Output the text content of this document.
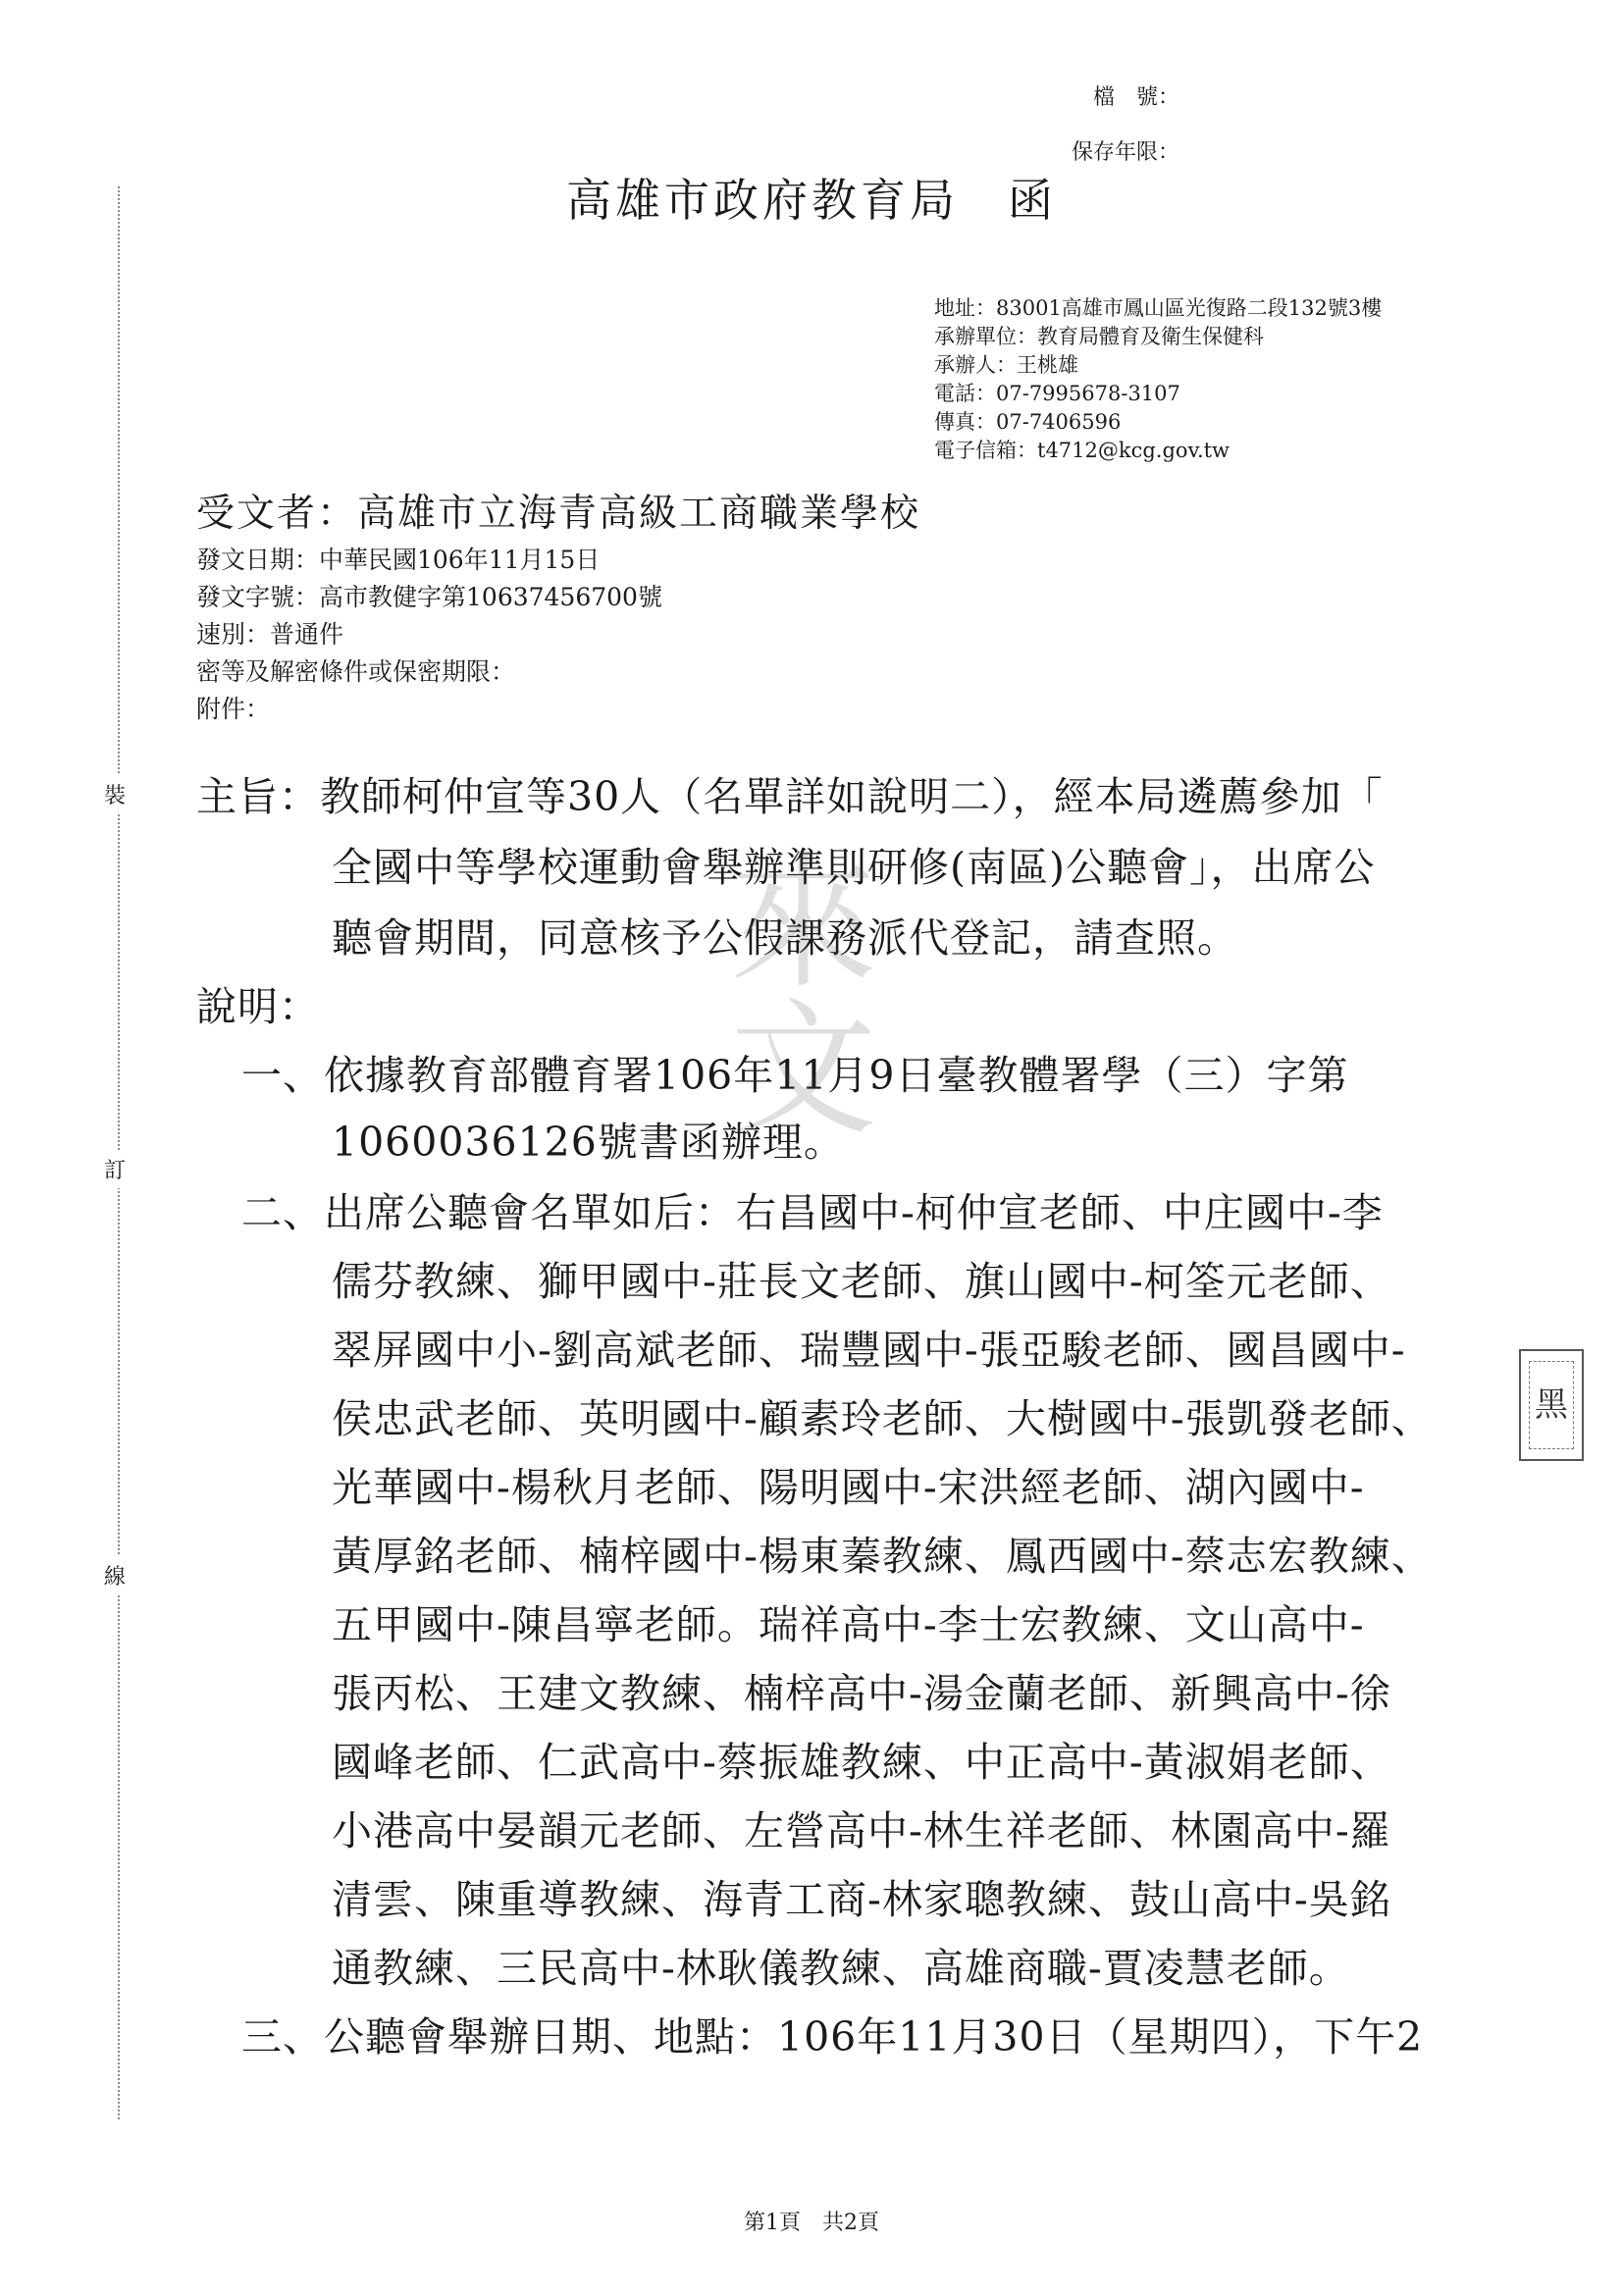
檔　號：
保存年限：
高雄市政府教育局　函
地址：83001高雄市鳳山區光復路二段132號3樓
承辦單位：教育局體育及衛生保健科
承辦人：王桃雄
電話：07-7995678-3107
傳真：07-7406596
電子信箱：t4712@kcg.gov.tw
受文者：高雄市立海青高級工商職業學校
發文日期：中華民國106年11月15日
發文字號：高市教健字第10637456700號
速別：普通件
密等及解密條件或保密期限：
附件：
主旨：教師柯仲宣等30人（名單詳如說明二），經本局遴薦參加「
全國中等學校運動會舉辦準則研修(南區)公聽會」，出席公
聽會期間，同意核予公假課務派代登記，請查照。
說明：
一、依據教育部體育署106年11月9日臺教體署學（三）字第
1060036126號書函辦理。
二、出席公聽會名單如后：右昌國中-柯仲宣老師、中庄國中-李
儒芬教練、獅甲國中-莊長文老師、旗山國中-柯筌元老師、
翠屏國中小-劉高斌老師、瑞豐國中-張亞駿老師、國昌國中-
侯忠武老師、英明國中-顧素玲老師、大樹國中-張凱發老師、
光華國中-楊秋月老師、陽明國中-宋洪經老師、湖內國中-
黃厚銘老師、楠梓國中-楊東蓁教練、鳳西國中-蔡志宏教練、
五甲國中-陳昌寧老師。瑞祥高中-李士宏教練、文山高中-
張丙松、王建文教練、楠梓高中-湯金蘭老師、新興高中-徐
國峰老師、仁武高中-蔡振雄教練、中正高中-黃淑娟老師、
小港高中晏韻元老師、左營高中-林生祥老師、林園高中-羅
清雲、陳重導教練、海青工商-林家聰教練、鼓山高中-吳銘
通教練、三民高中-林耿儀教練、高雄商職-賈凌慧老師。
三、公聽會舉辦日期、地點：106年11月30日（星期四），下午2
裝
訂
線
來文
黑
第1頁　共2頁
